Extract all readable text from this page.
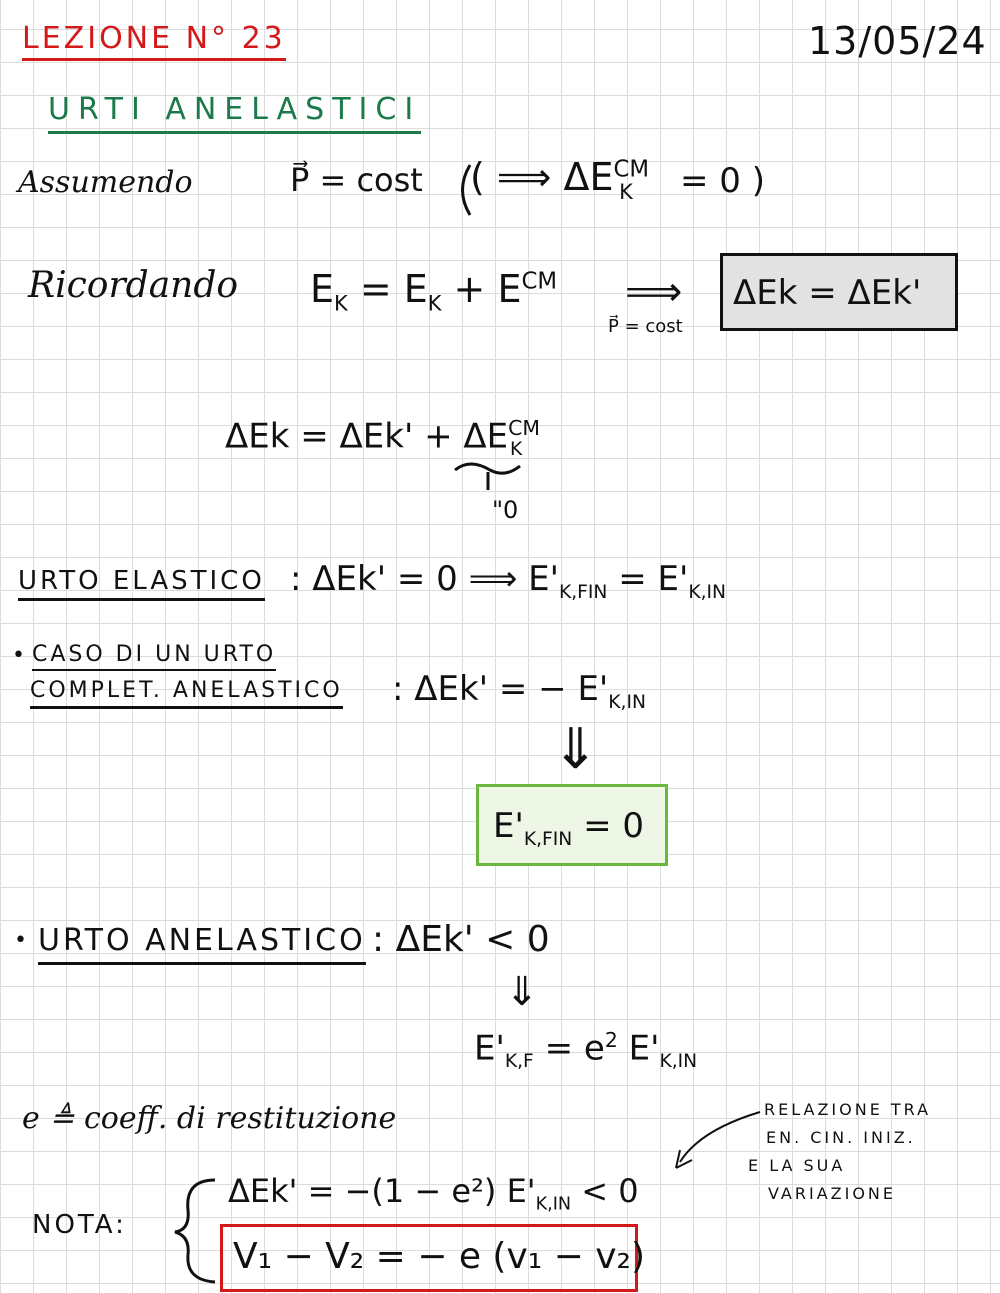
LEZIONE N° 23	13/05/24
URTI ANELASTICI
Assumendo	P⃗ = cost ( ⟹ $\Delta E^{CM}_K = 0$ )
Ricordando $E_K = E_K + E^{CM}$ ⟹
P⃗ = cost
ΔEk = ΔEk'
$\Delta Ek = \Delta Ek' + \Delta E^{CM}_K$
"0
URTO ELASTICO : ΔEk' = 0 ⟹ $E'_{K,FIN} = E'_{K,IN}$
• CASO DI UN URTO
COMPLET. ANELASTICO : ΔEk' = − $E'_{K,IN}$
⇓
$E'_{K,FIN} = 0$
• URTO ANELASTICO : ΔEk' < 0
⇓
$E'_{K,F} = e^2$ $E'_{K,IN}$
e ≜ coeff. di restituzione	RELAZIONE TRA
EN. CIN. INIZ.
E LA SUA
VARIAZIONE
NOTA:
ΔEk' = −(1 − e²) $E'_{K,IN} < 0$
V₁ − V₂ = − e (v₁ − v₂)
